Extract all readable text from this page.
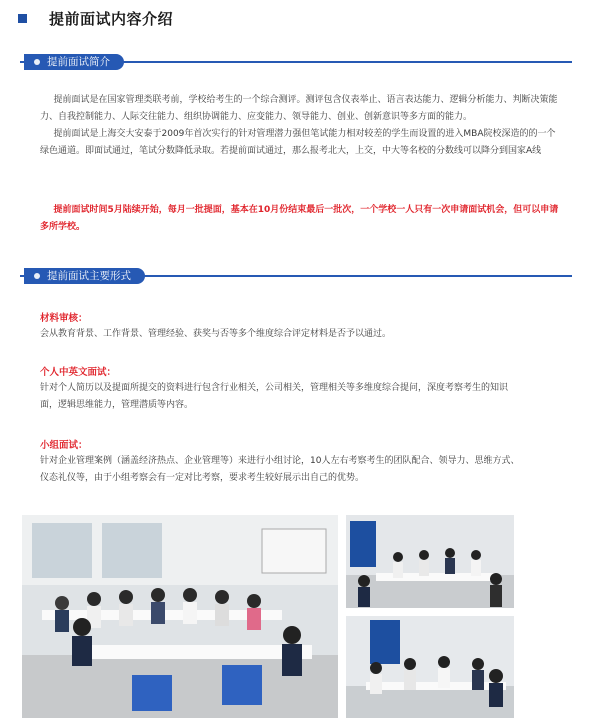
提前面试内容介绍
提前面试简介
提前面试是在国家管理类联考前，学校给考生的一个综合测评。测评包含仪表举止、语言表达能力、逻辑分析能力、判断决策能力、自我控制能力、人际交往能力、组织协调能力、应变能力、领导能力、创业、创新意识等多方面的能力。
提前面试是上海交大安泰于2009年首次实行的针对管理潜力强但笔试能力相对较差的学生而设置的进入MBA院校深造的的一个绿色通道。即面试通过，笔试分数降低录取。若提前面试通过，那么报考北大，上交，中大等名校的分数线可以降分到国家A线
提前面试时间5月陆续开始，每月一批提面，基本在10月份结束最后一批次，一个学校一人只有一次申请面试机会，但可以申请多所学校。
提前面试主要形式
材料审核：
会从教育背景、工作背景、管理经验、获奖与否等多个维度综合评定材料是否予以通过。
个人中英文面试：
针对个人简历以及提面所提交的资料进行包含行业相关，公司相关，管理相关等多维度综合提问，深度考察考生的知识面，逻辑思维能力，管理潜质等内容。
小组面试：
针对企业管理案例（涵盖经济热点、企业管理等）来进行小组讨论，10人左右考察考生的团队配合、领导力、思维方式、仪态礼仪等，由于小组考察会有一定对比考察，要求考生较好展示出自己的优势。
